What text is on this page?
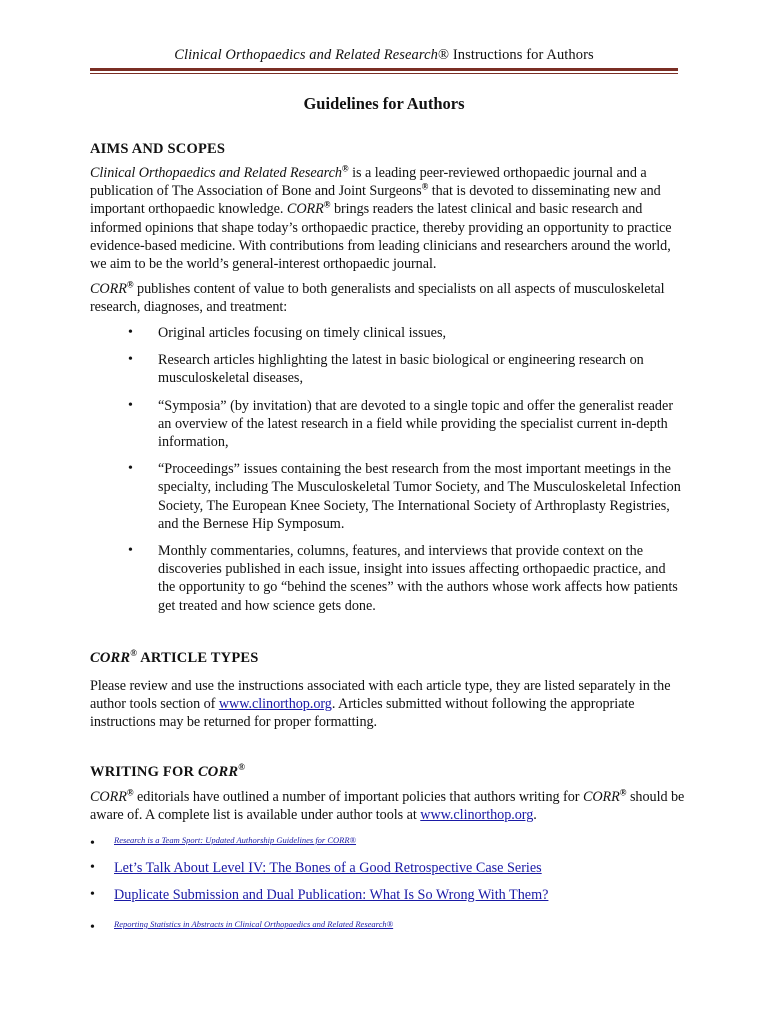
Clinical Orthopaedics and Related Research® Instructions for Authors
Guidelines for Authors
AIMS AND SCOPES
Clinical Orthopaedics and Related Research® is a leading peer-reviewed orthopaedic journal and a publication of The Association of Bone and Joint Surgeons® that is devoted to disseminating new and important orthopaedic knowledge. CORR® brings readers the latest clinical and basic research and informed opinions that shape today’s orthopaedic practice, thereby providing an opportunity to practice evidence-based medicine. With contributions from leading clinicians and researchers around the world, we aim to be the world’s general-interest orthopaedic journal.
CORR® publishes content of value to both generalists and specialists on all aspects of musculoskeletal research, diagnoses, and treatment:
• Original articles focusing on timely clinical issues,
• Research articles highlighting the latest in basic biological or engineering research on musculoskeletal diseases,
• “Symposia” (by invitation) that are devoted to a single topic and offer the generalist reader an overview of the latest research in a field while providing the specialist current in-depth information,
• “Proceedings” issues containing the best research from the most important meetings in the specialty, including The Musculoskeletal Tumor Society, and The Musculoskeletal Infection Society, The European Knee Society, The International Society of Arthroplasty Registries, and the Bernese Hip Symposum.
• Monthly commentaries, columns, features, and interviews that provide context on the discoveries published in each issue, insight into issues affecting orthopaedic practice, and the opportunity to go “behind the scenes” with the authors whose work affects how patients get treated and how science gets done.
CORR® ARTICLE TYPES
Please review and use the instructions associated with each article type, they are listed separately in the author tools section of www.clinorthop.org. Articles submitted without following the appropriate instructions may be returned for proper formatting.
WRITING FOR CORR®
CORR® editorials have outlined a number of important policies that authors writing for CORR® should be aware of. A complete list is available under author tools at www.clinorthop.org.
• Research is a Team Sport: Updated Authorship Guidelines for CORR®
• Let’s Talk About Level IV: The Bones of a Good Retrospective Case Series
• Duplicate Submission and Dual Publication: What Is So Wrong With Them?
• Reporting Statistics in Abstracts in Clinical Orthopaedics and Related Research®
